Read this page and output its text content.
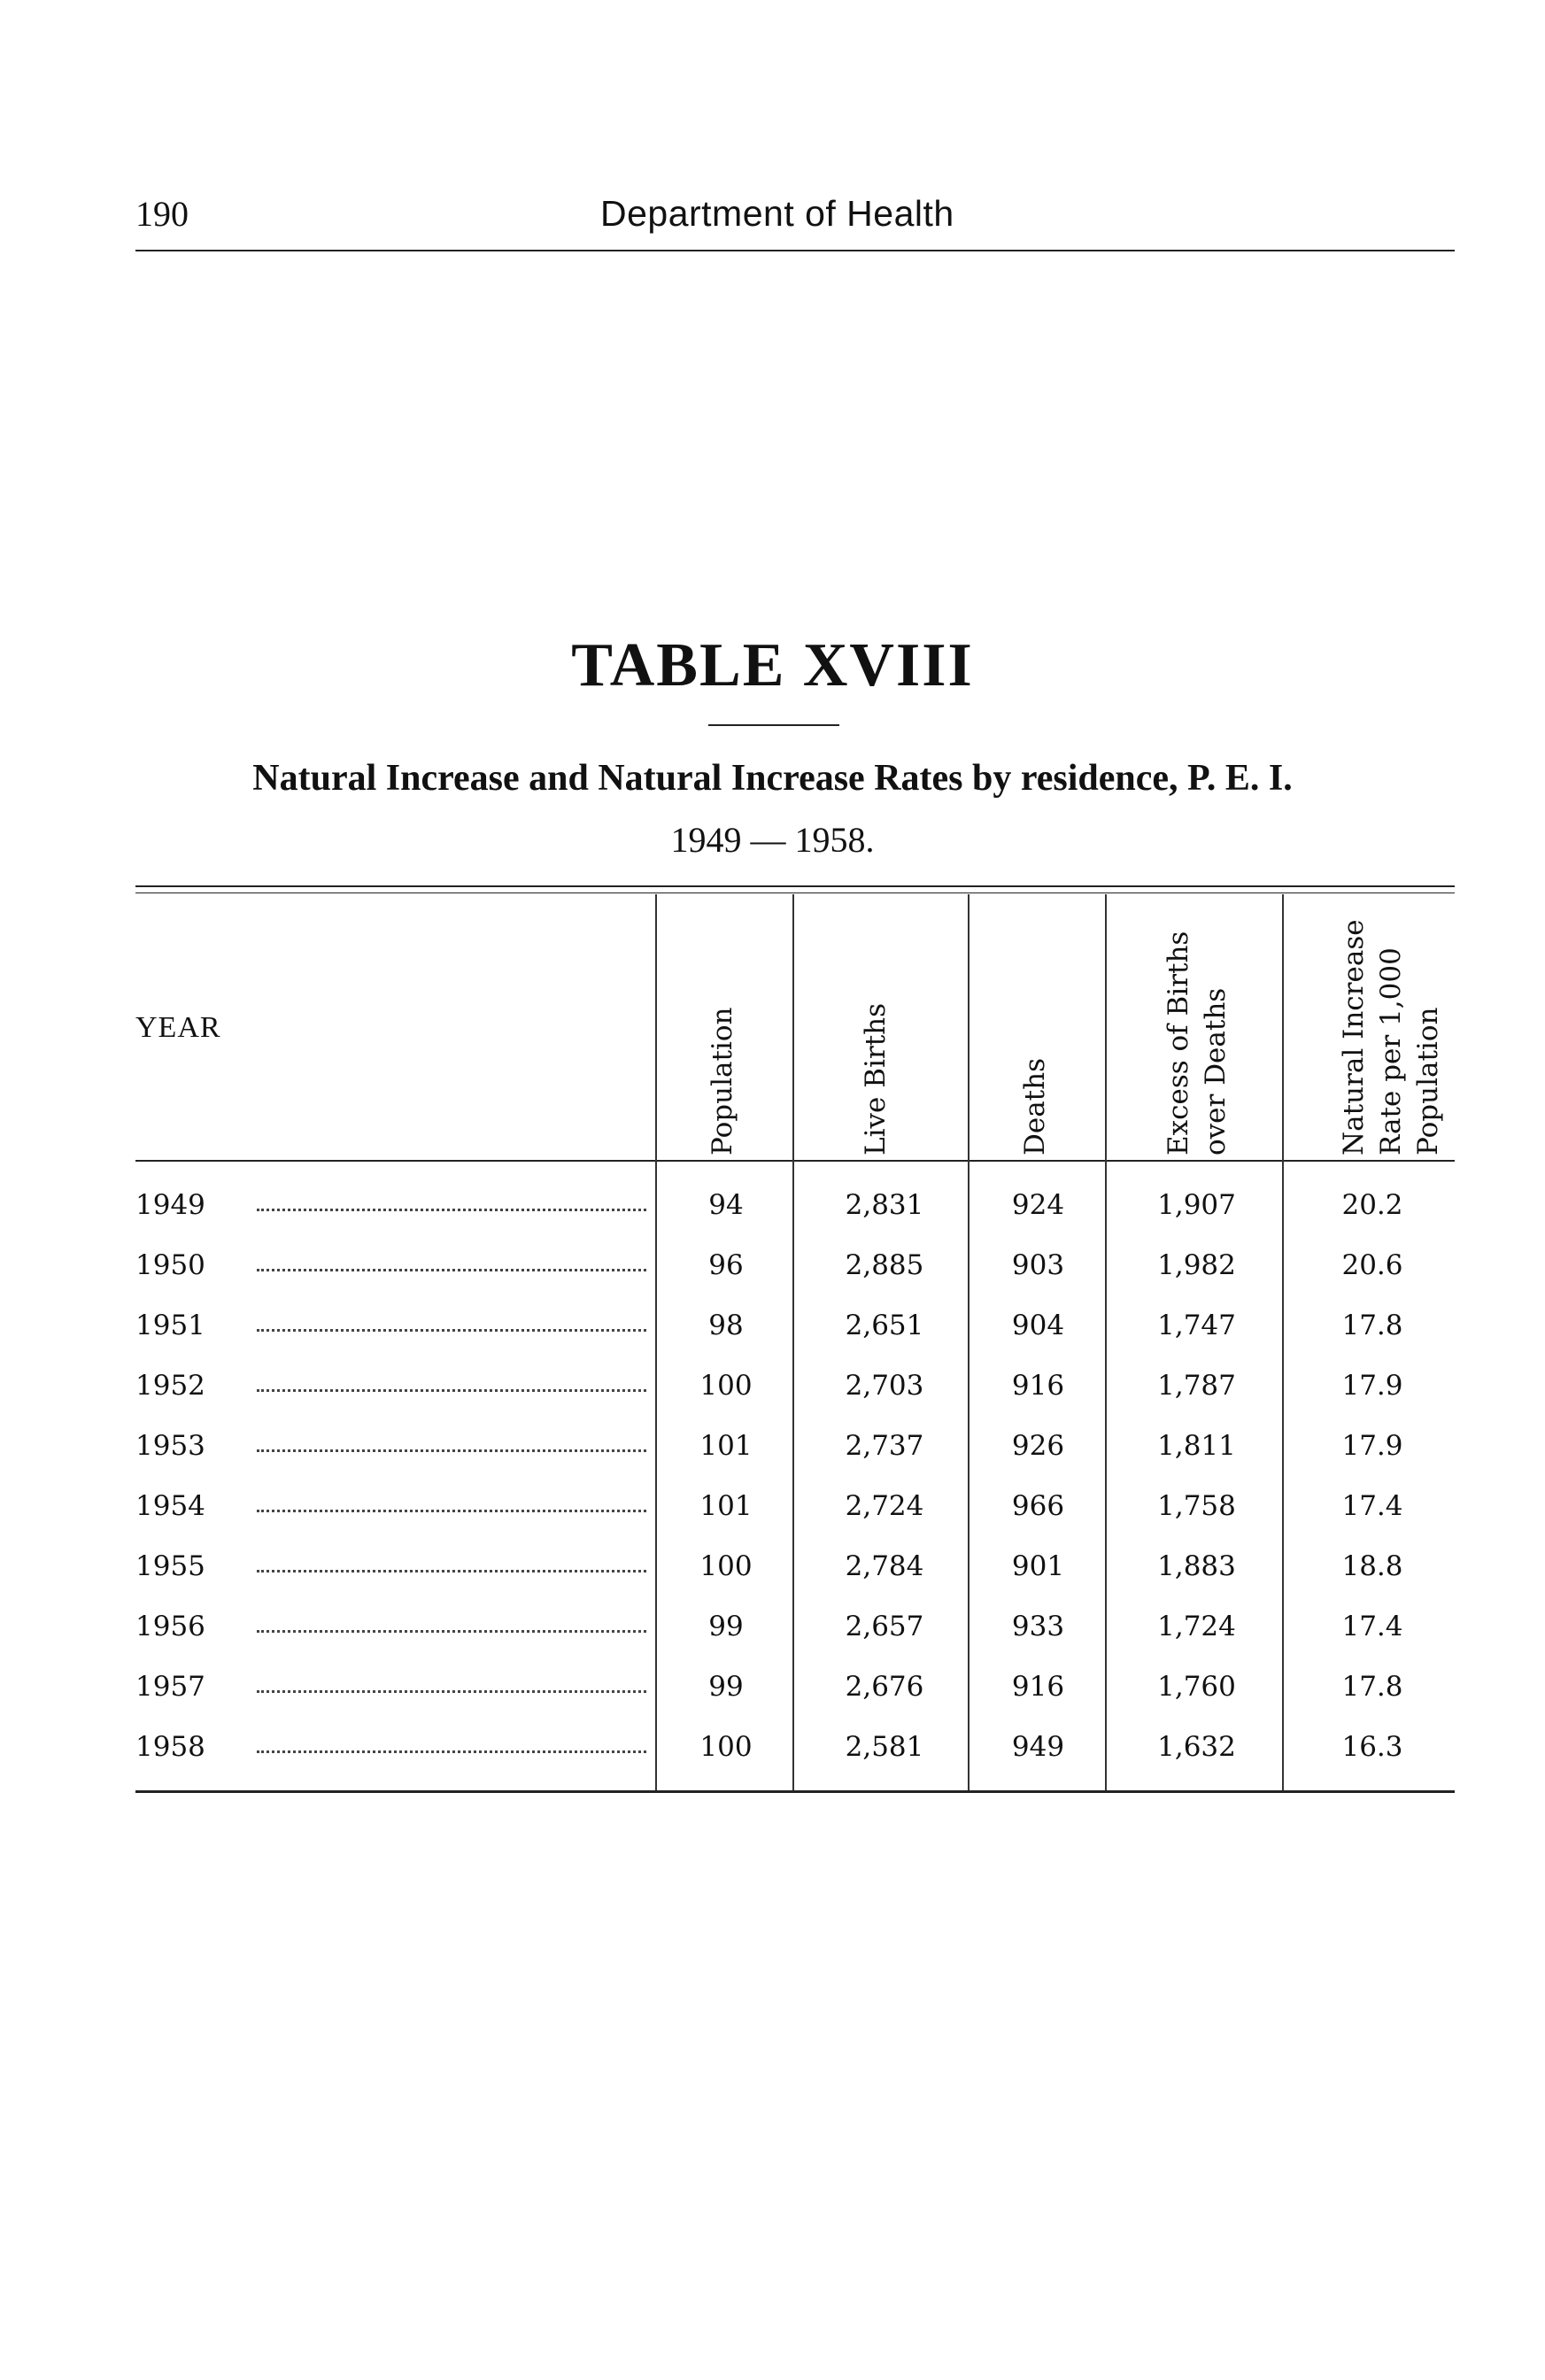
190	Department of Health
TABLE XVIII
Natural Increase and Natural Increase Rates by residence, P. E. I.
1949 — 1958.
YEAR	Population	Live Births	Deaths	Excess of Births over Deaths	Natural Increase Rate per 1,000 Population
1949	94	2,831	924	1,907	20.2
1950	96	2,885	903	1,982	20.6
1951	98	2,651	904	1,747	17.8
1952	100	2,703	916	1,787	17.9
1953	101	2,737	926	1,811	17.9
1954	101	2,724	966	1,758	17.4
1955	100	2,784	901	1,883	18.8
1956	99	2,657	933	1,724	17.4
1957	99	2,676	916	1,760	17.8
1958	100	2,581	949	1,632	16.3
